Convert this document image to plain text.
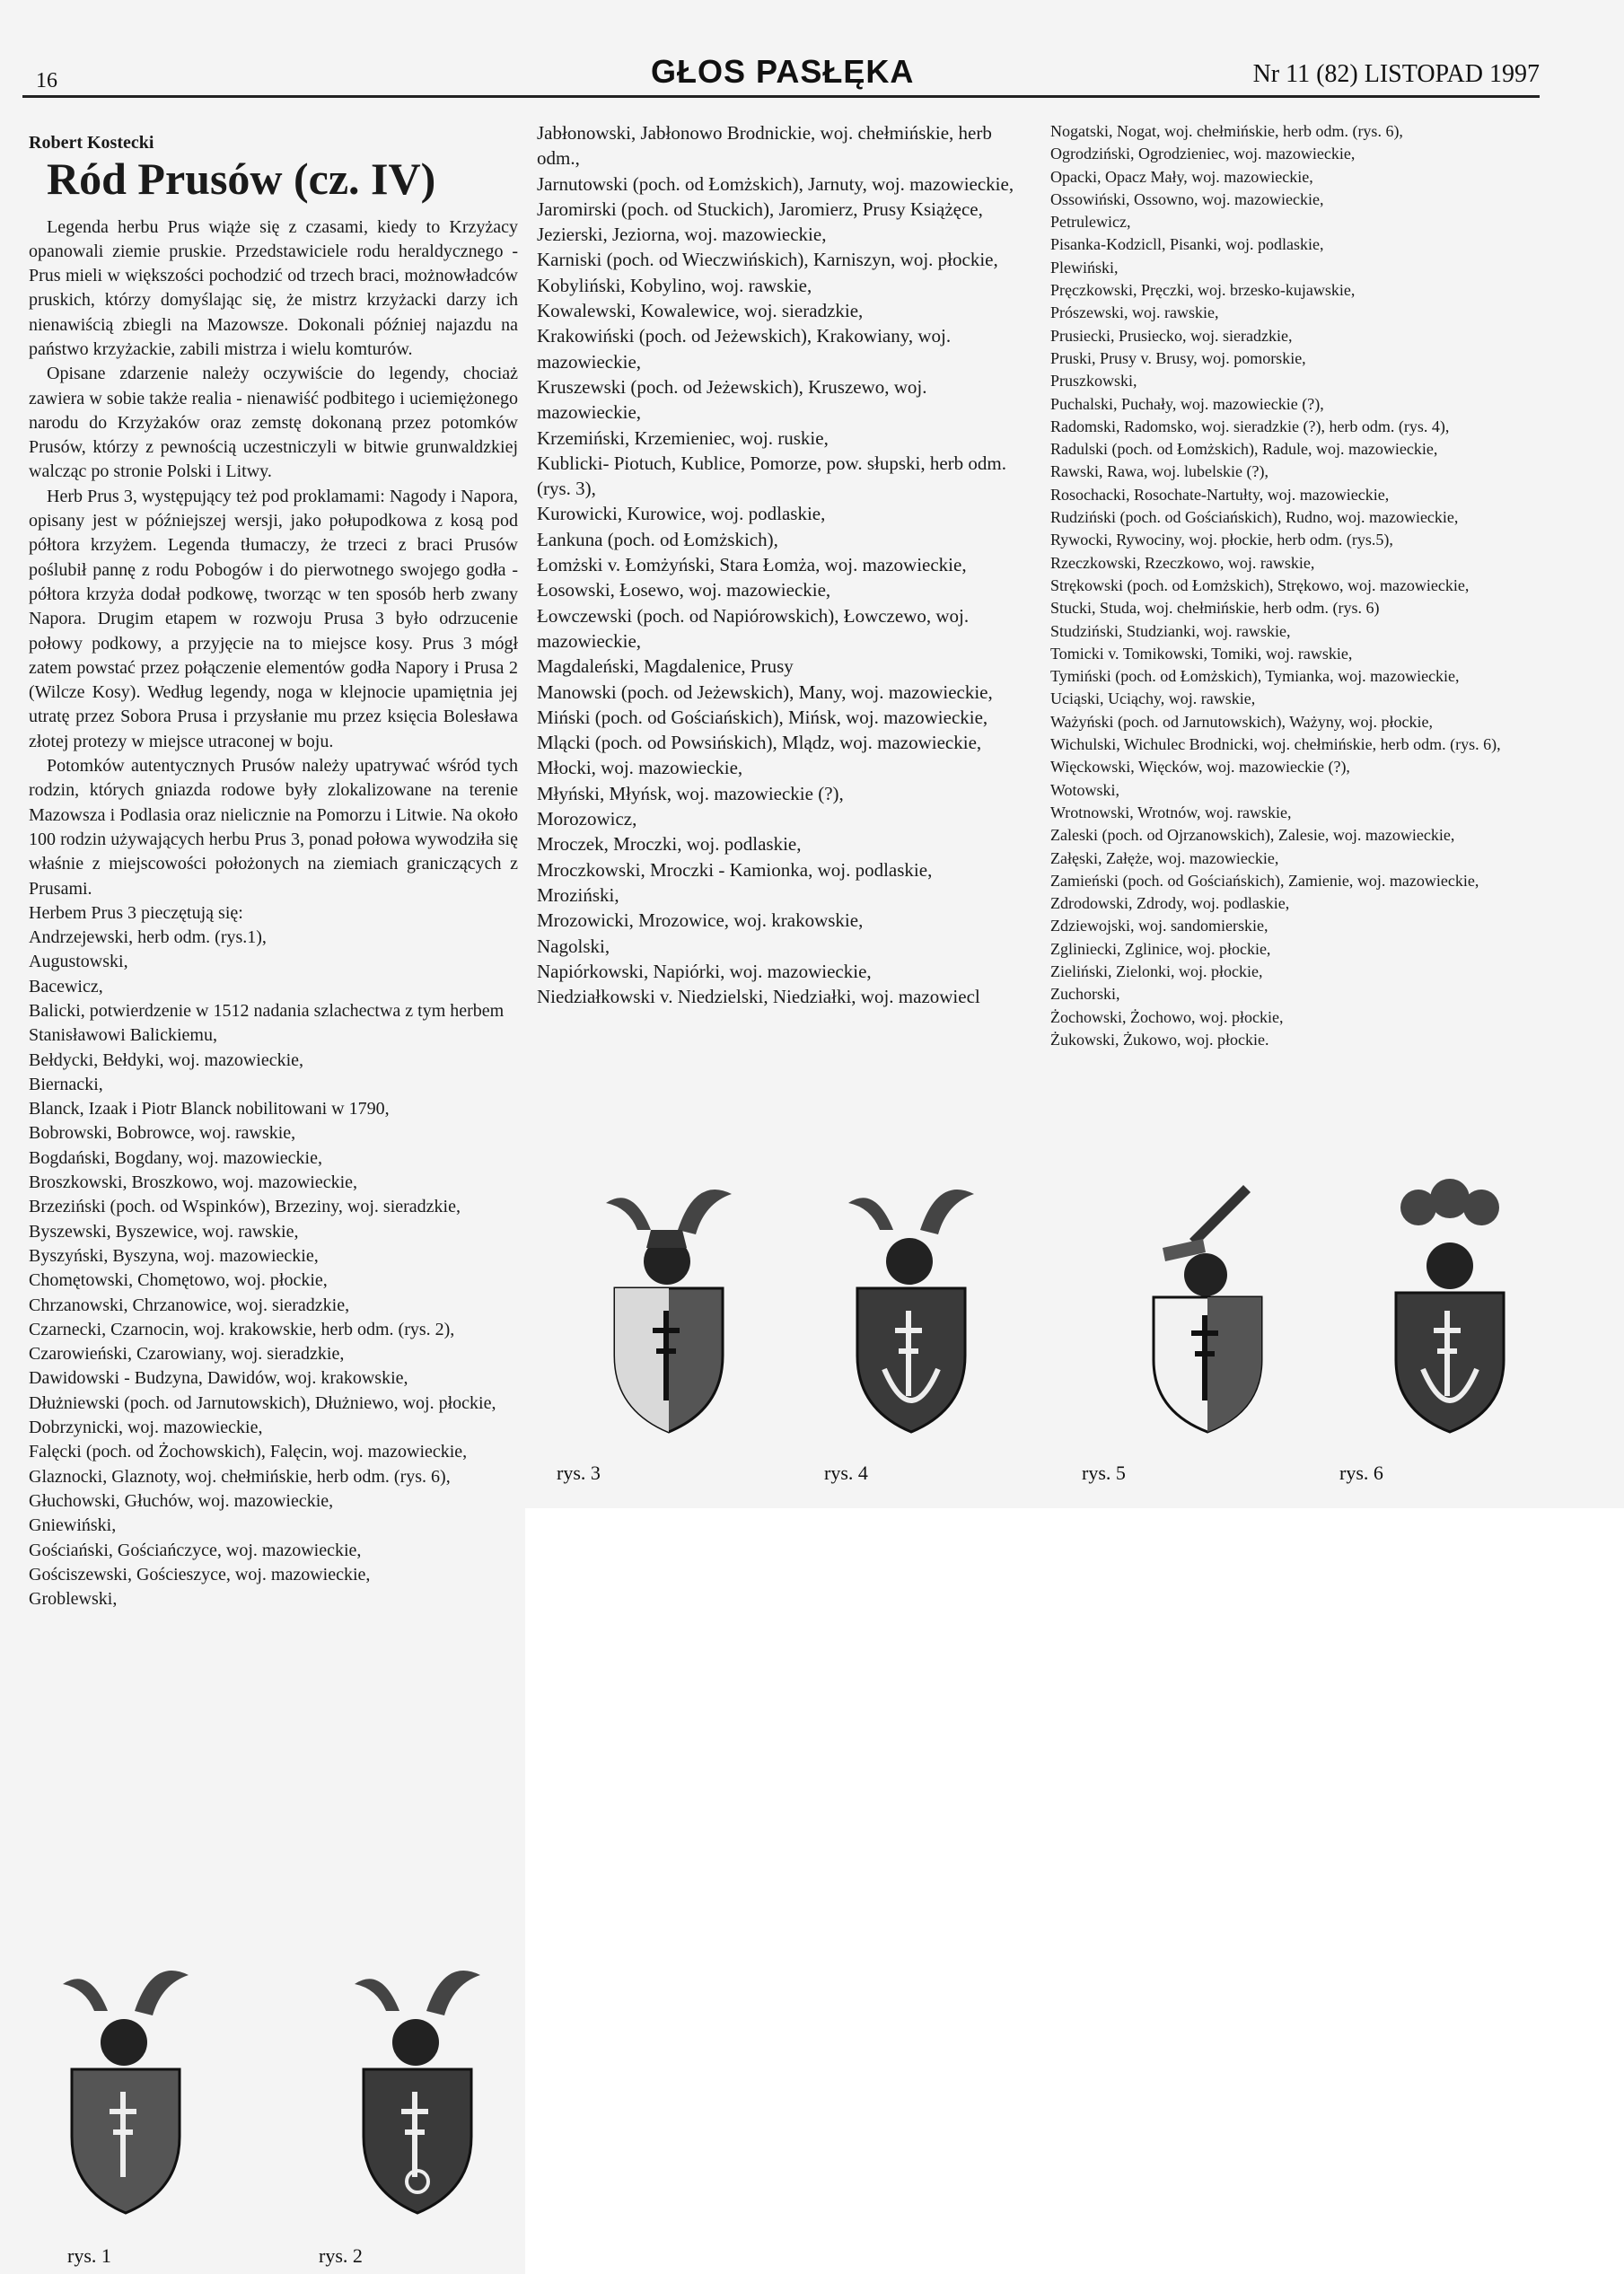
16	GŁOS PASŁĘKA	Nr 11 (82) LISTOPAD 1997
Robert Kostecki
Ród Prusów (cz. IV)

Legenda herbu Prus wiąże się z czasami, kiedy to Krzyżacy opanowali ziemie pruskie. Przedstawiciele rodu heraldycznego - Prus mieli w większości pochodzić od trzech braci, możnowładców pruskich, którzy domyślając się, że mistrz krzyżacki darzy ich nienawiścią zbiegli na Mazowsze. Dokonali później najazdu na państwo krzyżackie, zabili mistrza i wielu komturów.

Opisane zdarzenie należy oczywiście do legendy, chociaż zawiera w sobie także realia - nienawiść podbitego i uciemiężonego narodu do Krzyżaków oraz zemstę dokonaną przez potomków Prusów, którzy z pewnością uczestniczyli w bitwie grunwaldzkiej walcząc po stronie Polski i Litwy.

Herb Prus 3, występujący też pod proklamami: Nagody i Napora, opisany jest w późniejszej wersji, jako połupodkowa z kosą pod półtora krzyżem. Legenda tłumaczy, że trzeci z braci Prusów poślubił pannę z rodu Pobogów i do pierwotnego swojego godła - półtora krzyża dodał podkowę, tworząc w ten sposób herb zwany Napora. Drugim etapem w rozwoju Prusa 3 było odrzucenie połowy podkowy, a przyjęcie na to miejsce kosy. Prus 3 mógł zatem powstać przez połączenie elementów godła Napory i Prusa 2 (Wilcze Kosy). Według legendy, noga w klejnocie upamiętnia jej utratę przez Sobora Prusa i przysłanie mu przez księcia Bolesława złotej protezy w miejsce utraconej w boju.

Potomków autentycznych Prusów należy upatrywać wśród tych rodzin, których gniazda rodowe były zlokalizowane na terenie Mazowsza i Podlasia oraz nielicznie na Pomorzu i Litwie. Na około 100 rodzin używających herbu Prus 3, ponad połowa wywodziła się właśnie z miejscowości położonych na ziemiach graniczących z Prusami.

Herbem Prus 3 pieczętują się:
Andrzejewski, herb odm. (rys.1),
Augustowski,
Bacewicz,
Balicki, potwierdzenie w 1512 nadania szlachectwa z tym herbem Stanisławowi Balickiemu,
Bełdycki, Bełdyki, woj. mazowieckie,
Biernacki,
Blanck, Izaak i Piotr Blanck nobilitowani w 1790,
Bobrowski, Bobrowce, woj. rawskie,
Bogdański, Bogdany, woj. mazowieckie,
Broszkowski, Broszkowo, woj. mazowieckie,
Brzeziński (poch. od Wspinków), Brzeziny, woj. sieradzkie,
Byszewski, Byszewice, woj. rawskie,
Byszyński, Byszyna, woj. mazowieckie,
Chomętowski, Chomętowo, woj. płockie,
Chrzanowski, Chrzanowice, woj. sieradzkie,
Czarnecki, Czarnocin, woj. krakowskie, herb odm. (rys. 2),
Czarowieński, Czarowiany, woj. sieradzkie,
Dawidowski - Budzyna, Dawidów, woj. krakowskie,
Dłużniewski (poch. od Jarnutowskich), Dłużniewo, woj. płockie,
Dobrzynicki, woj. mazowieckie,
Falęcki (poch. od Żochowskich), Falęcin, woj. mazowieckie,
Glaznocki, Glaznoty, woj. chełmińskie, herb odm. (rys. 6),
Głuchowski, Głuchów, woj. mazowieckie,
Gniewiński,
Gościański, Gościańczyce, woj. mazowieckie,
Gościszewski, Gościeszyce, woj. mazowieckie,
Groblewski,
Jabłonowski, Jabłonowo Brodnickie, woj. chełmińskie, herb odm.,
Jarnutowski (poch. od Łomżskich), Jarnuty, woj. mazowieckie,
Jaromirski (poch. od Stuckich), Jaromierz, Prusy Książęce,
Jezierski, Jeziorna, woj. mazowieckie,
Karniski (poch. od Wieczwińskich), Karniszyn, woj. płockie,
Kobyliński, Kobylino, woj. rawskie,
Kowalewski, Kowalewice, woj. sieradzkie,
Krakowiński (poch. od Jeżewskich), Krakowiany, woj. mazowieckie,
Kruszewski (poch. od Jeżewskich), Kruszewo, woj. mazowieckie,
Krzemiński, Krzemieniec, woj. ruskie,
Kublicki- Piotuch, Kublice, Pomorze, pow. słupski, herb odm. (rys. 3),
Kurowicki, Kurowice, woj. podlaskie,
Łankuna (poch. od Łomżskich),
Łomżski v. Łomżyński, Stara Łomża, woj. mazowieckie,
Łosowski, Łosewo, woj. mazowieckie,
Łowczewski (poch. od Napiórowskich), Łowczewo, woj. mazowieckie,
Magdaleński, Magdalenice, Prusy
Manowski (poch. od Jeżewskich), Many, woj. mazowieckie,
Miński (poch. od Gościańskich), Mińsk, woj. mazowieckie,
Mlącki (poch. od Powsińskich), Mlądz, woj. mazowieckie,
Młocki, woj. mazowieckie,
Młyński, Młyńsk, woj. mazowieckie (?),
Morozowicz,
Mroczek, Mroczki, woj. podlaskie,
Mroczkowski, Mroczki - Kamionka, woj. podlaskie,
Mroziński,
Mrozowicki, Mrozowice, woj. krakowskie,
Nagolski,
Napiórkowski, Napiórki, woj. mazowieckie,
Niedziałkowski v. Niedzielski, Niedziałki, woj. mazowiecl
Nogatski, Nogat, woj. chełmińskie, herb odm. (rys. 6),
Ogrodziński, Ogrodzieniec, woj. mazowieckie,
Opacki, Opacz Mały, woj. mazowieckie,
Ossowiński, Ossowno, woj. mazowieckie,
Petrulewicz,
Pisanka-Kodzicll, Pisanki, woj. podlaskie,
Plewiński,
Pręczkowski, Pręczki, woj. brzesko-kujawskie,
Prószewski, woj. rawskie,
Prusiecki, Prusiecko, woj. sieradzkie,
Pruski, Prusy v. Brusy, woj. pomorskie,
Pruszkowski,
Puchalski, Puchały, woj. mazowieckie (?),
Radomski, Radomsko, woj. sieradzkie (?), herb odm. (rys. 4),
Radulski (poch. od Łomżskich), Radule, woj. mazowieckie,
Rawski, Rawa, woj. lubelskie (?),
Rosochacki, Rosochate-Nartułty, woj. mazowieckie,
Rudziński (poch. od Gościańskich), Rudno, woj. mazowieckie,
Rywocki, Rywociny, woj. płockie, herb odm. (rys.5),
Rzeczkowski, Rzeczkowo, woj. rawskie,
Strękowski (poch. od Łomżskich), Strękowo, woj. mazowieckie,
Stucki, Studa, woj. chełmińskie, herb odm. (rys. 6)
Studziński, Studzianki, woj. rawskie,
Tomicki v. Tomikowski, Tomiki, woj. rawskie,
Tymiński (poch. od Łomżskich), Tymianka, woj. mazowieckie,
Uciąski, Uciąchy, woj. rawskie,
Ważyński (poch. od Jarnutowskich), Ważyny, woj. płockie,
Wichulski, Wichulec Brodnicki, woj. chełmińskie, herb odm. (rys. 6),
Więckowski, Więcków, woj. mazowieckie (?),
Wotowski,
Wrotnowski, Wrotnów, woj. rawskie,
Zaleski (poch. od Ojrzanowskich), Zalesie, woj. mazowieckie,
Załęski, Załęże, woj. mazowieckie,
Zamieński (poch. od Gościańskich), Zamienie, woj. mazowieckie,
Zdrodowski, Zdrody, woj. podlaskie,
Zdziewojski, woj. sandomierskie,
Zgliniecki, Zglinice, woj. płockie,
Zieliński, Zielonki, woj. płockie,
Zuchorski,
Żochowski, Żochowo, woj. płockie,
Żukowski, Żukowo, woj. płockie.
rys. 3	rys. 4	rys. 5	rys. 6
rys. 1	rys. 2
